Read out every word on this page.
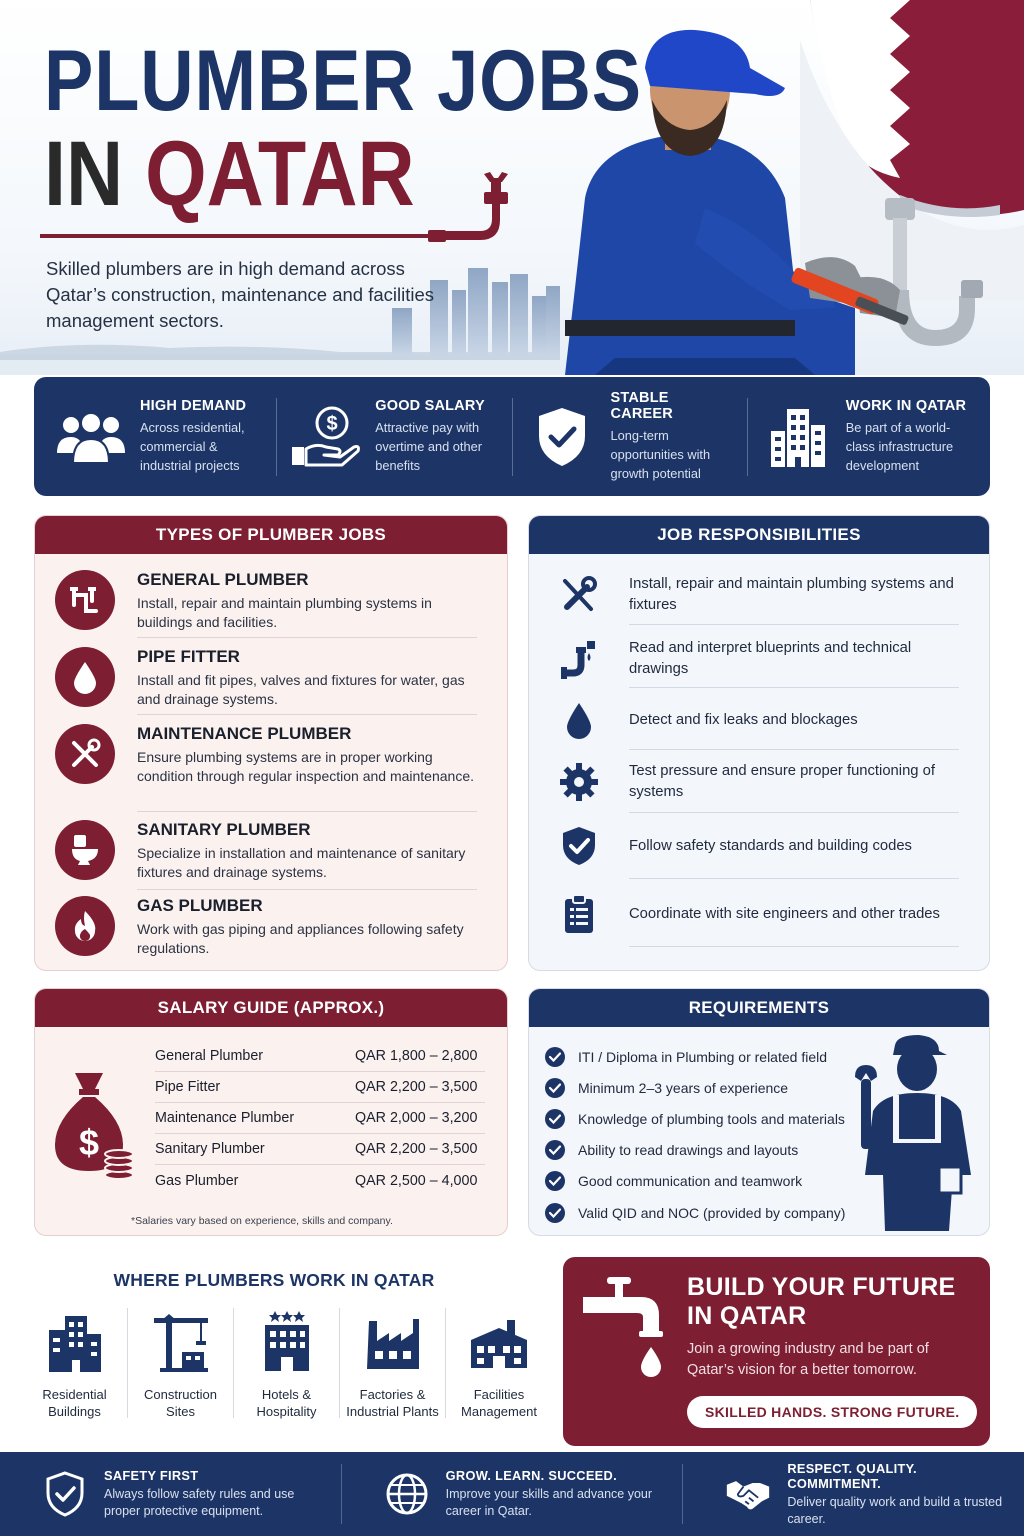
PLUMBER JOBS
IN QATAR
Skilled plumbers are in high demand across Qatar’s construction, maintenance and facilities management sectors.
HIGH DEMAND

Across residential, commercial & industrial projects

$
GOOD SALARY

Attractive pay with overtime and other benefits

STABLE CAREER

Long-term opportunities with growth potential

WORK IN QATAR

Be part of a world-class infrastructure development

TYPES OF PLUMBER JOBS
GENERAL PLUMBER

Install, repair and maintain plumbing systems in buildings and facilities.

PIPE FITTER

Install and fit pipes, valves and fixtures for water, gas and drainage systems.

MAINTENANCE PLUMBER

Ensure plumbing systems are in proper working condition through regular inspection and maintenance.

SANITARY PLUMBER

Specialize in installation and maintenance of sanitary fixtures and drainage systems.

GAS PLUMBER

Work with gas piping and appliances following safety regulations.

JOB RESPONSIBILITIES
Install, repair and maintain plumbing systems and fixtures
Read and interpret blueprints and technical drawings
Detect and fix leaks and blockages
Test pressure and ensure proper functioning of systems
Follow safety standards and building codes
Coordinate with site engineers and other trades
SALARY GUIDE (APPROX.)
$
General Plumber	QAR 1,800 – 2,800
Pipe Fitter	QAR 2,200 – 3,500
Maintenance Plumber	QAR 2,000 – 3,200
Sanitary Plumber	QAR 2,200 – 3,500
Gas Plumber	QAR 2,500 – 4,000
*Salaries vary based on experience, skills and company.
REQUIREMENTS
ITI / Diploma in Plumbing or related field
Minimum 2–3 years of experience
Knowledge of plumbing tools and materials
Ability to read drawings and layouts
Good communication and teamwork
Valid QID and NOC (provided by company)
WHERE PLUMBERS WORK IN QATAR
Residential Buildings
Construction Sites
Hotels & Hospitality
Factories & Industrial Plants
Facilities Management
BUILD YOUR FUTURE
IN QATAR

Join a growing industry and be part of Qatar’s vision for a better tomorrow.

SKILLED HANDS. STRONG FUTURE.
SAFETY FIRST

Always follow safety rules and use proper protective equipment.

GROW. LEARN. SUCCEED.

Improve your skills and advance your career in Qatar.

RESPECT. QUALITY. COMMITMENT.

Deliver quality work and build a trusted career.
